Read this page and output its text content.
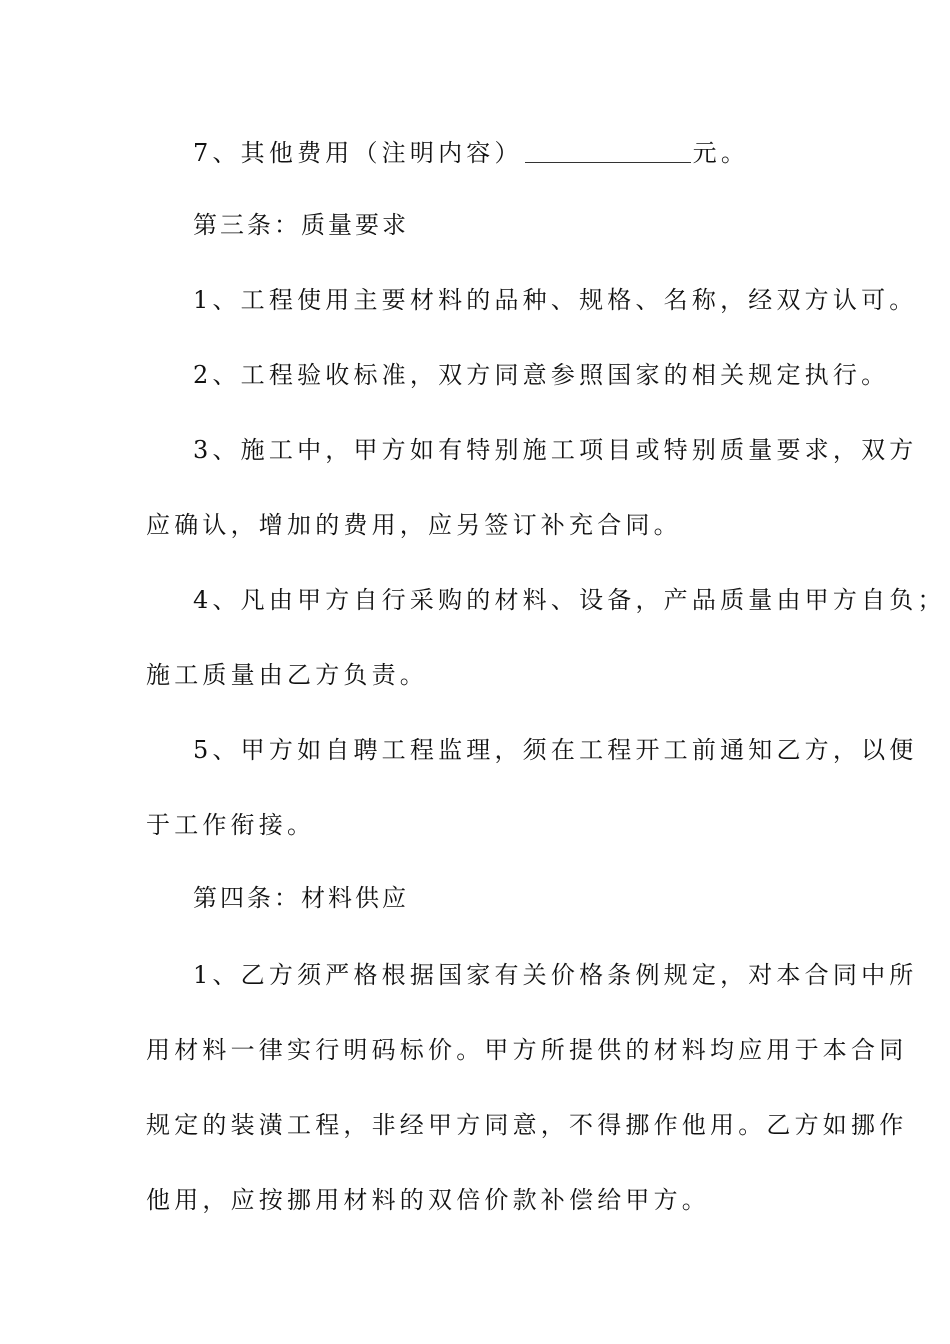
7、其他费用（注明内容）	元。
第三条：质量要求
1、工程使用主要材料的品种、规格、名称，经双方认可。
2、工程验收标准，双方同意参照国家的相关规定执行。
3、施工中，甲方如有特别施工项目或特别质量要求，双方
应确认，增加的费用，应另签订补充合同。
4、凡由甲方自行采购的材料、设备，产品质量由甲方自负；
施工质量由乙方负责。
5、甲方如自聘工程监理，须在工程开工前通知乙方，以便
于工作衔接。
第四条：材料供应
1、乙方须严格根据国家有关价格条例规定，对本合同中所
用材料一律实行明码标价。甲方所提供的材料均应用于本合同
规定的装潢工程，非经甲方同意，不得挪作他用。乙方如挪作
他用，应按挪用材料的双倍价款补偿给甲方。
